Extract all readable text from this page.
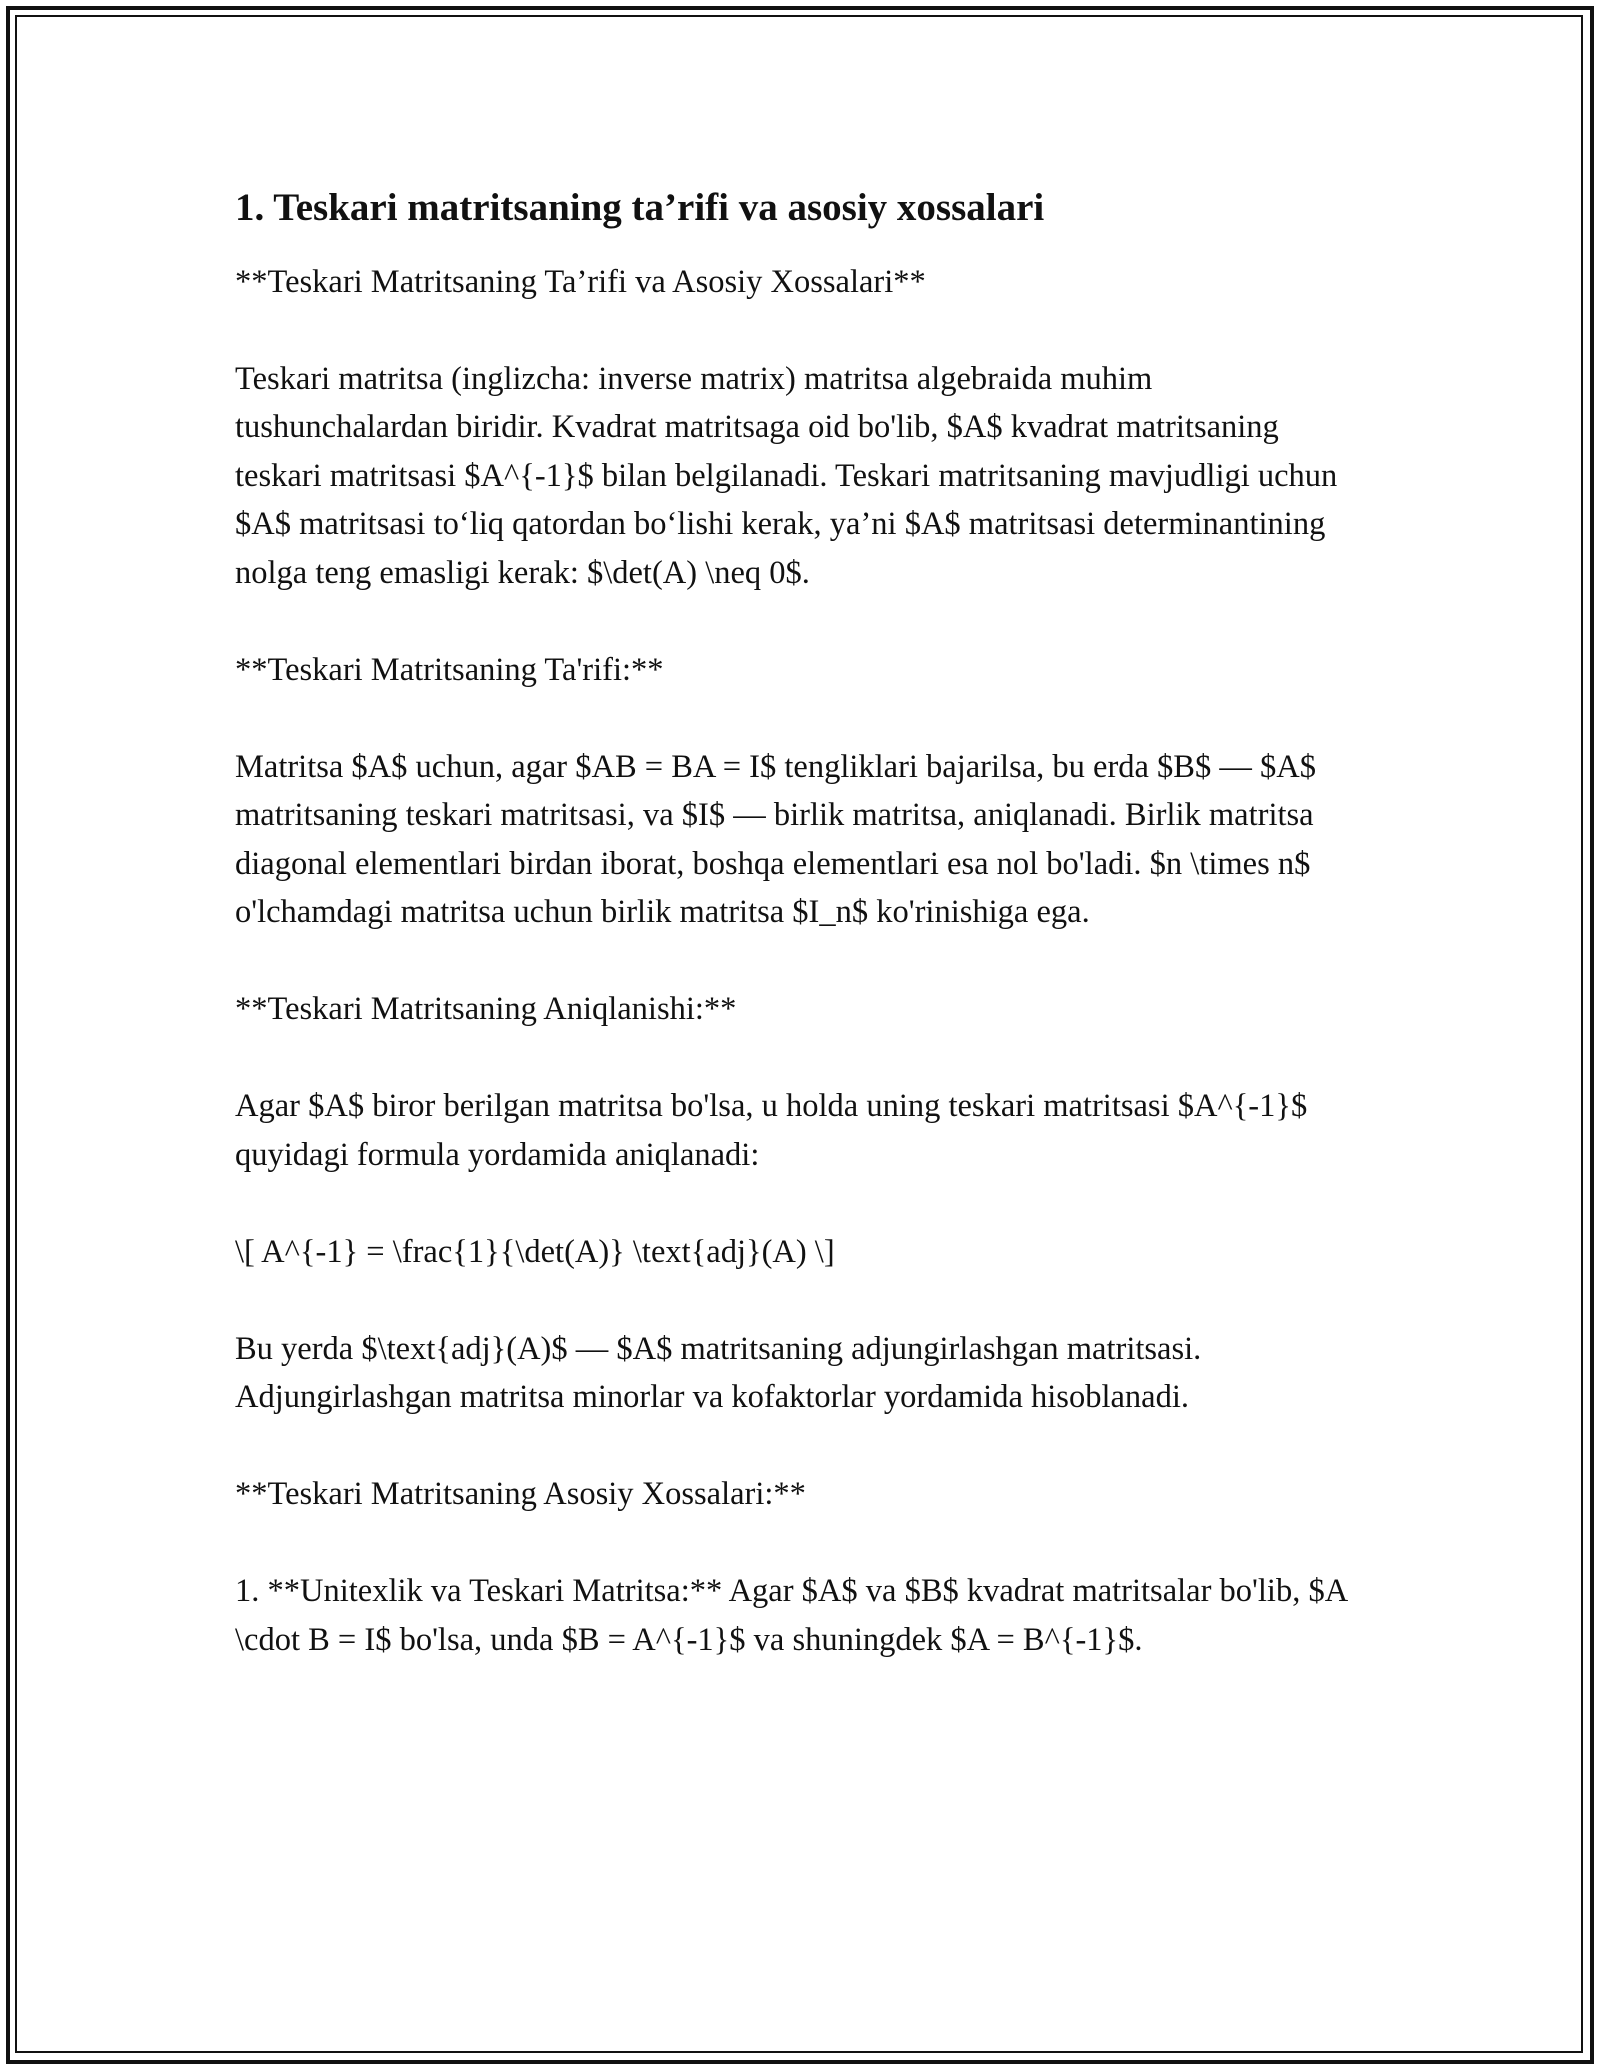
1. Teskari matritsaning ta’rifi va asosiy xossalari

**Teskari Matritsaning Ta’rifi va Asosiy Xossalari**

Teskari matritsa (inglizcha: inverse matrix) matritsa algebraida muhim tushunchalardan biridir. Kvadrat matritsaga oid bo'lib, $A$ kvadrat matritsaning teskari matritsasi $A^{-1}$ bilan belgilanadi. Teskari matritsaning mavjudligi uchun $A$ matritsasi to‘liq qatordan bo‘lishi kerak, ya’ni $A$ matritsasi determinantining nolga teng emasligi kerak: $\det(A) \neq 0$.

**Teskari Matritsaning Ta'rifi:**

Matritsa $A$ uchun, agar $AB = BA = I$ tengliklari bajarilsa, bu erda $B$ — $A$ matritsaning teskari matritsasi, va $I$ — birlik matritsa, aniqlanadi. Birlik matritsa diagonal elementlari birdan iborat, boshqa elementlari esa nol bo'ladi. $n \times n$ o'lchamdagi matritsa uchun birlik matritsa $I_n$ ko'rinishiga ega.

**Teskari Matritsaning Aniqlanishi:**

Agar $A$ biror berilgan matritsa bo'lsa, u holda uning teskari matritsasi $A^{-1}$ quyidagi formula yordamida aniqlanadi:

\[ A^{-1} = \frac{1}{\det(A)} \text{adj}(A) \]

Bu yerda $\text{adj}(A)$ — $A$ matritsaning adjungirlashgan matritsasi. Adjungirlashgan matritsa minorlar va kofaktorlar yordamida hisoblanadi.

**Teskari Matritsaning Asosiy Xossalari:**

1. **Unitexlik va Teskari Matritsa:** Agar $A$ va $B$ kvadrat matritsalar bo'lib, $A \cdot B = I$ bo'lsa, unda $B = A^{-1}$ va shuningdek $A = B^{-1}$.
